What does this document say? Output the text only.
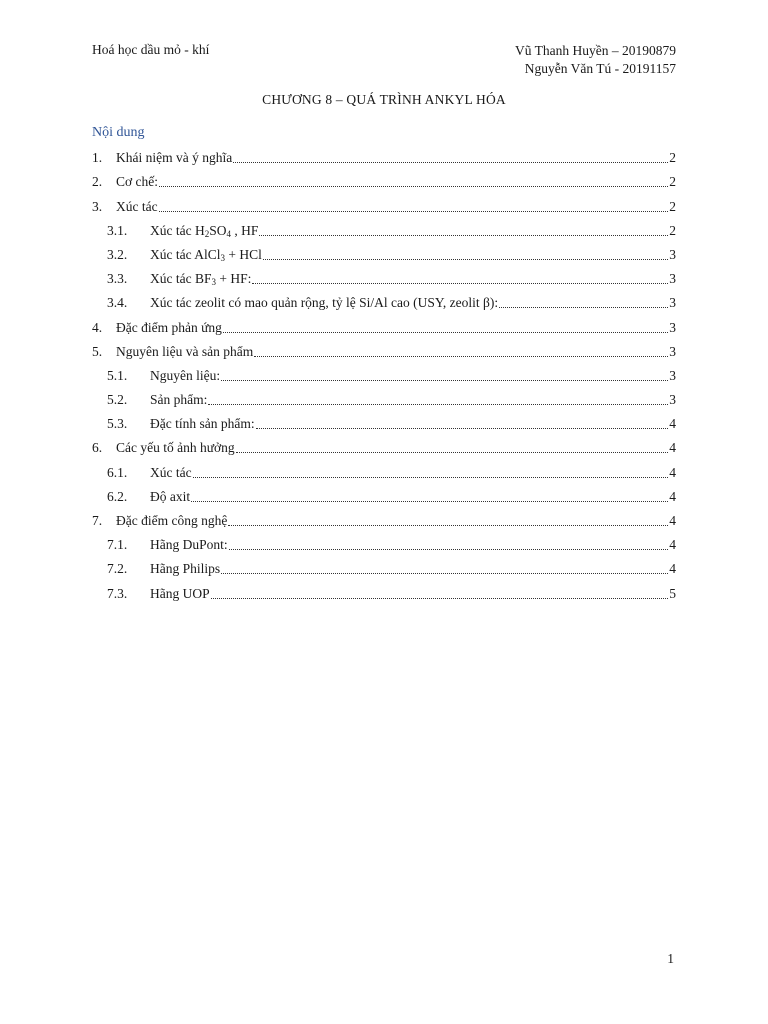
Hoá học dầu mỏ - khí	Vũ Thanh Huyền – 20190879
Nguyễn Văn Tú - 20191157
CHƯƠNG 8 – QUÁ TRÌNH ANKYL HÓA
Nội dung
1.	Khái niệm và ý nghĩa	2
2.	Cơ chế:	2
3.	Xúc tác	2
3.1.	Xúc tác $H_2SO_4$ , HF	2
3.2.	Xúc tác AlCl$_3$ + HCl	3
3.3.	Xúc tác $BF_3$ + HF:	3
3.4.	Xúc tác zeolit có mao quản rộng, tỷ lệ Si/Al cao (USY, zeolit β):	3
4.	Đặc điểm phản ứng	3
5.	Nguyên liệu và sản phẩm	3
5.1.	Nguyên liệu:	3
5.2.	Sản phẩm:	3
5.3.	Đặc tính sản phẩm:	4
6.	Các yếu tố ảnh hưởng	4
6.1.	Xúc tác	4
6.2.	Độ axit	4
7.	Đặc điểm công nghệ	4
7.1.	Hãng DuPont:	4
7.2.	Hãng Philips	4
7.3.	Hãng UOP	5
1
